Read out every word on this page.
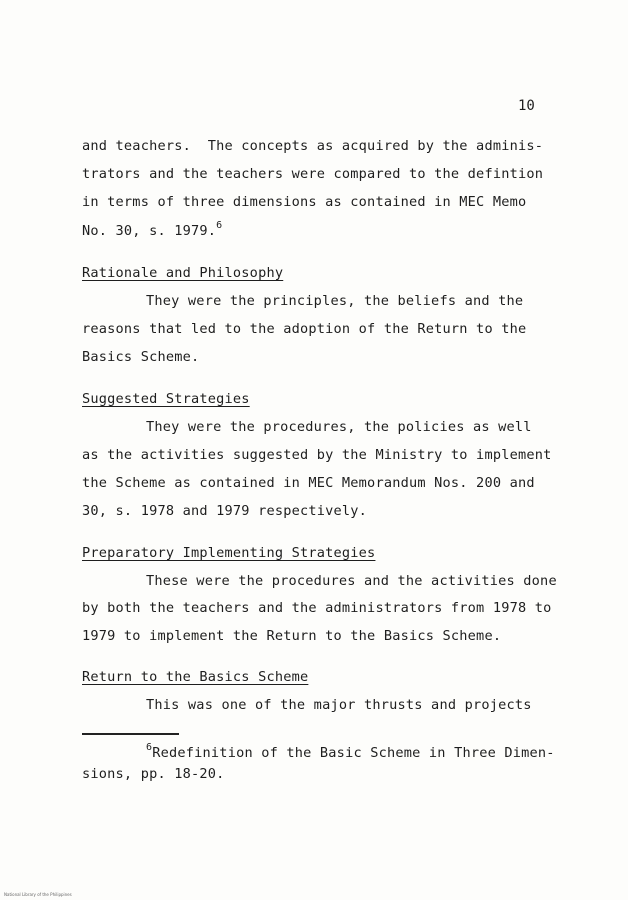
10
and teachers.  The concepts as acquired by the adminis-
trators and the teachers were compared to the defintion
in terms of three dimensions as contained in MEC Memo
No. 30, s. 1979.$^6$
Rationale and Philosophy
They were the principles, the beliefs and the
reasons that led to the adoption of the Return to the
Basics Scheme.
Suggested Strategies
They were the procedures, the policies as well
as the activities suggested by the Ministry to implement
the Scheme as contained in MEC Memorandum Nos. 200 and
30, s. 1978 and 1979 respectively.
Preparatory Implementing Strategies
These were the procedures and the activities done
by both the teachers and the administrators from 1978 to
1979 to implement the Return to the Basics Scheme.
Return to the Basics Scheme
This was one of the major thrusts and projects
$^6$Redefinition of the Basic Scheme in Three Dimen-
sions, pp. 18-20.
National Library of the Philippines
